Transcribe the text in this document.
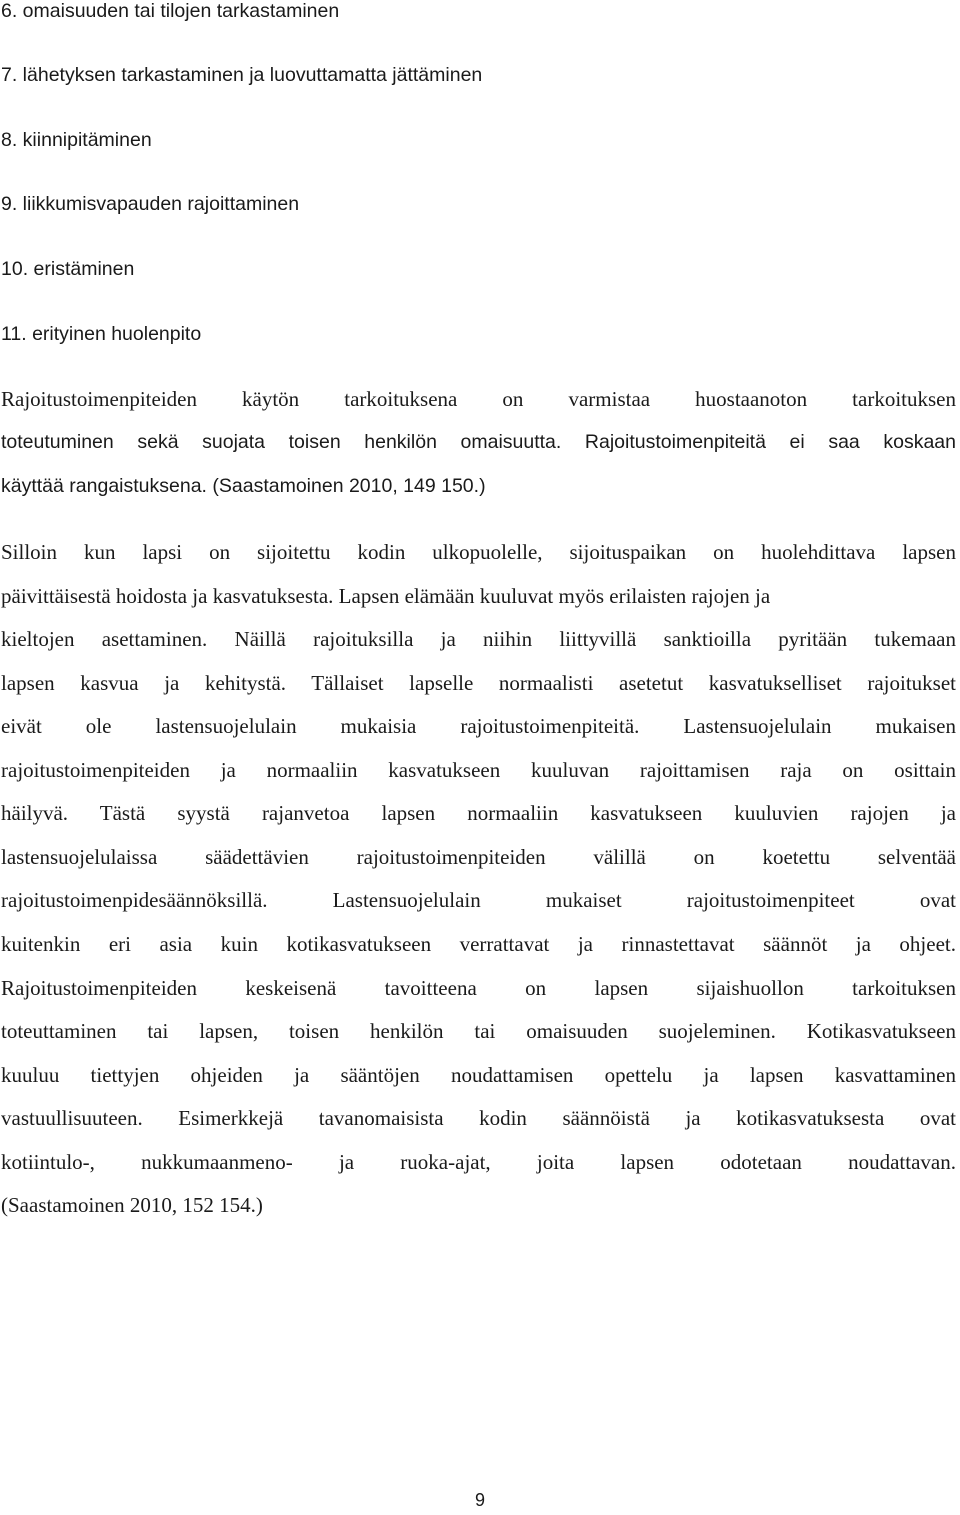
6. omaisuuden tai tilojen tarkastaminen
7. lähetyksen tarkastaminen ja luovuttamatta jättäminen
8. kiinnipitäminen
9. liikkumisvapauden rajoittaminen
10. eristäminen
11. erityinen huolenpito
Rajoitustoimenpiteiden käytön tarkoituksena on varmistaa huostaanoton tarkoituksen
toteutuminen sekä suojata toisen henkilön omaisuutta. Rajoitustoimenpiteitä ei saa koskaan
käyttää rangaistuksena. (Saastamoinen 2010, 149 150.)
Silloin kun lapsi on sijoitettu kodin ulkopuolelle, sijoituspaikan on huolehdittava lapsen
päivittäisestä hoidosta ja kasvatuksesta. Lapsen elämään kuuluvat myös erilaisten rajojen ja
kieltojen asettaminen. Näillä rajoituksilla ja niihin liittyvillä sanktioilla pyritään tukemaan
lapsen kasvua ja kehitystä. Tällaiset lapselle normaalisti asetetut kasvatukselliset rajoitukset
eivät ole lastensuojelulain mukaisia rajoitustoimenpiteitä. Lastensuojelulain mukaisen
rajoitustoimenpiteiden ja normaaliin kasvatukseen kuuluvan rajoittamisen raja on osittain
häilyvä. Tästä syystä rajanvetoa lapsen normaaliin kasvatukseen kuuluvien rajojen ja
lastensuojelulaissa säädettävien rajoitustoimenpiteiden välillä on koetettu selventää
rajoitustoimenpidesäännöksillä. Lastensuojelulain mukaiset rajoitustoimenpiteet ovat
kuitenkin eri asia kuin kotikasvatukseen verrattavat ja rinnastettavat säännöt ja ohjeet.
Rajoitustoimenpiteiden keskeisenä tavoitteena on lapsen sijaishuollon tarkoituksen
toteuttaminen tai lapsen, toisen henkilön tai omaisuuden suojeleminen. Kotikasvatukseen
kuuluu tiettyjen ohjeiden ja sääntöjen noudattamisen opettelu ja lapsen kasvattaminen
vastuullisuuteen. Esimerkkejä tavanomaisista kodin säännöistä ja kotikasvatuksesta ovat
kotiintulo-, nukkumaanmeno- ja ruoka-ajat, joita lapsen odotetaan noudattavan.
(Saastamoinen 2010, 152 154.)
9
